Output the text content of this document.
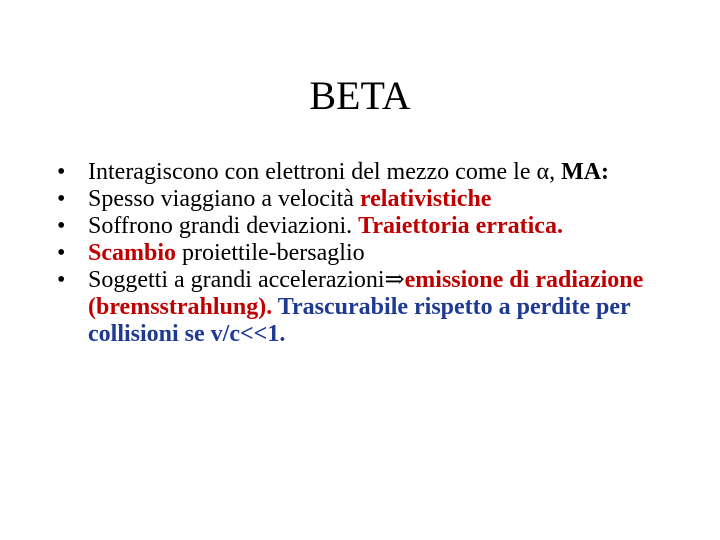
BETA
• Interagiscono con elettroni del mezzo come le α, MA:
• Spesso viaggiano a velocità relativistiche
• Soffrono grandi deviazioni. Traiettoria erratica.
• Scambio proiettile-bersaglio
• Soggetti a grandi accelerazioni⇒emissione di radiazione (bremsstrahlung). Trascurabile rispetto a perdite per collisioni se v/c<<1.
